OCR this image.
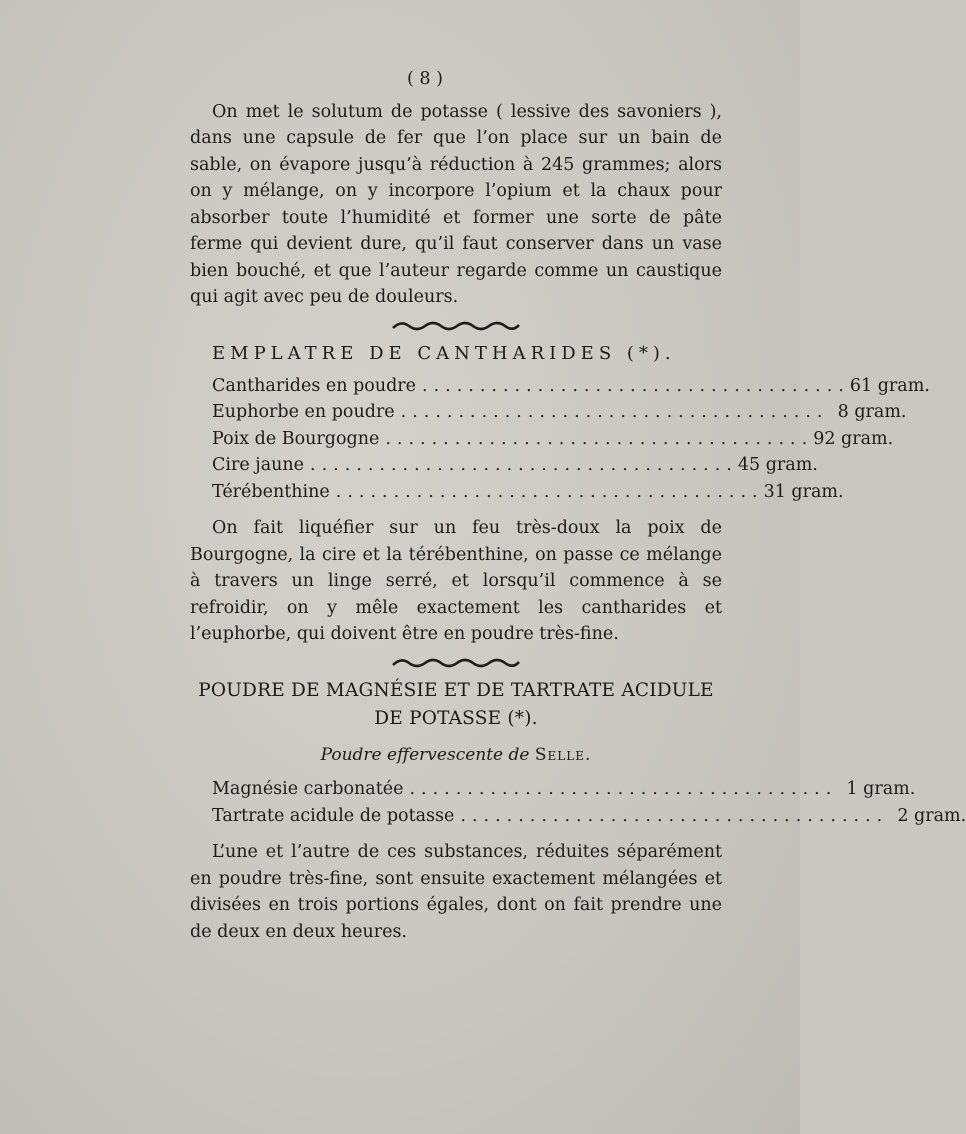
( 8 )

On met le solutum de potasse ( lessive des savoniers ), dans une capsule de fer que l’on place sur un bain de sable, on évapore jusqu’à réduction à 245 grammes; alors on y mélange, on y incorpore l’opium et la chaux pour absorber toute l’humidité et former une sorte de pâte ferme qui devient dure, qu’il faut conserver dans un vase bien bouché, et que l’auteur regarde comme un caustique qui agit avec peu de douleurs.

EMPLATRE DE CANTHARIDES (*).
Cantharides en poudre ..................................... 61 gram.
Euphorbe en poudre ..................................... 8 gram.
Poix de Bourgogne ..................................... 92 gram.
Cire jaune ..................................... 45 gram.
Térébenthine ..................................... 31 gram.

On fait liquéfier sur un feu très-doux la poix de Bourgogne, la cire et la térébenthine, on passe ce mélange à travers un linge serré, et lorsqu’il commence à se refroidir, on y mêle exactement les cantharides et l’euphorbe, qui doivent être en poudre très-fine.

POUDRE DE MAGNÉSIE ET DE TARTRATE ACIDULE
DE POTASSE (*).
Poudre effervescente de Selle.
Magnésie carbonatée ..................................... 1 gram.
Tartrate acidule de potasse ..................................... 2 gram.

L’une et l’autre de ces substances, réduites séparément en poudre très-fine, sont ensuite exactement mélangées et divisées en trois portions égales, dont on fait prendre une de deux en deux heures.
